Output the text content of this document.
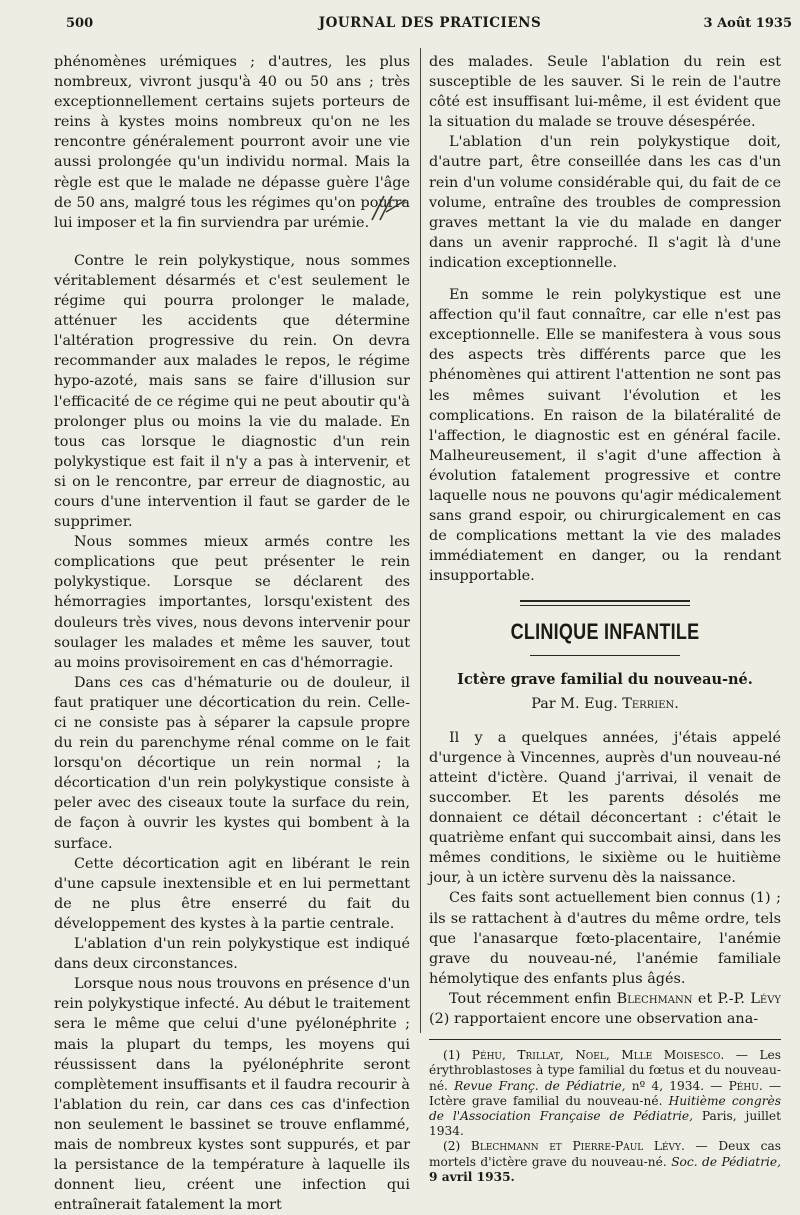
500	JOURNAL DES PRATICIENS	3 Août 1935

phénomènes urémiques ; d'autres, les plus nombreux, vivront jusqu'à 40 ou 50 ans ; très exceptionnellement certains sujets porteurs de reins à kystes moins nombreux qu'on ne les rencontre généralement pourront avoir une vie aussi prolongée qu'un individu normal. Mais la règle est que le malade ne dépasse guère l'âge de 50 ans, malgré tous les régimes qu'on pourra lui imposer et la fin surviendra par urémie.

Contre le rein polykystique, nous sommes véritablement désarmés et c'est seulement le régime qui pourra prolonger le malade, atténuer les accidents que détermine l'altération progressive du rein. On devra recommander aux malades le repos, le régime hypo-azoté, mais sans se faire d'illusion sur l'efficacité de ce régime qui ne peut aboutir qu'à prolonger plus ou moins la vie du malade. En tous cas lorsque le diagnostic d'un rein polykystique est fait il n'y a pas à intervenir, et si on le rencontre, par erreur de diagnostic, au cours d'une intervention il faut se garder de le supprimer.

Nous sommes mieux armés contre les complications que peut présenter le rein polykystique. Lorsque se déclarent des hémorragies importantes, lorsqu'existent des douleurs très vives, nous devons intervenir pour soulager les malades et même les sauver, tout au moins provisoirement en cas d'hémorragie.

Dans ces cas d'hématurie ou de douleur, il faut pratiquer une décortication du rein. Celle-ci ne consiste pas à séparer la capsule propre du rein du parenchyme rénal comme on le fait lorsqu'on décortique un rein normal ; la décortication d'un rein polykystique consiste à peler avec des ciseaux toute la surface du rein, de façon à ouvrir les kystes qui bombent à la surface.

Cette décortication agit en libérant le rein d'une capsule inextensible et en lui permettant de ne plus être enserré du fait du développement des kystes à la partie centrale.

L'ablation d'un rein polykystique est indiqué dans deux circonstances.

Lorsque nous nous trouvons en présence d'un rein polykystique infecté. Au début le traitement sera le même que celui d'une pyélonéphrite ; mais la plupart du temps, les moyens qui réussissent dans la pyélonéphrite seront complètement insuffisants et il faudra recourir à l'ablation du rein, car dans ces cas d'infection non seulement le bassinet se trouve enflammé, mais de nombreux kystes sont suppurés, et par la persistance de la température à laquelle ils donnent lieu, créent une infection qui entraînerait fatalement la mort

des malades. Seule l'ablation du rein est susceptible de les sauver. Si le rein de l'autre côté est insuffisant lui-même, il est évident que la situation du malade se trouve désespérée.

L'ablation d'un rein polykystique doit, d'autre part, être conseillée dans les cas d'un rein d'un volume considérable qui, du fait de ce volume, entraîne des troubles de compression graves mettant la vie du malade en danger dans un avenir rapproché. Il s'agit là d'une indication exceptionnelle.

En somme le rein polykystique est une affection qu'il faut connaître, car elle n'est pas exceptionnelle. Elle se manifestera à vous sous des aspects très différents parce que les phénomènes qui attirent l'attention ne sont pas les mêmes suivant l'évolution et les complications. En raison de la bilatéralité de l'affection, le diagnostic est en général facile. Malheureusement, il s'agit d'une affection à évolution fatalement progressive et contre laquelle nous ne pouvons qu'agir médicalement sans grand espoir, ou chirurgicalement en cas de complications mettant la vie des malades immédiatement en danger, ou la rendant insupportable.

CLINIQUE INFANTILE
Ictère grave familial du nouveau-né.
Par M. Eug. Terrien.

Il y a quelques années, j'étais appelé d'urgence à Vincennes, auprès d'un nouveau-né atteint d'ictère. Quand j'arrivai, il venait de succomber. Et les parents désolés me donnaient ce détail déconcertant : c'était le quatrième enfant qui succombait ainsi, dans les mêmes conditions, le sixième ou le huitième jour, à un ictère survenu dès la naissance.

Ces faits sont actuellement bien connus (1) ; ils se rattachent à d'autres du même ordre, tels que l'anasarque fœto-placentaire, l'anémie grave du nouveau-né, l'anémie familiale hémolytique des enfants plus âgés.

Tout récemment enfin Blechmann et P.-P. Lévy (2) rapportaient encore une observation ana-

(1) Péhu, Trillat, Noel, Mlle Moisesco. — Les érythroblastoses à type familial du fœtus et du nouveau-né. Revue Franç. de Pédiatrie, nº 4, 1934. — Péhu. — Ictère grave familial du nouveau-né. Huitième congrès de l'Association Française de Pédiatrie, Paris, juillet 1934.

(2) Blechmann et Pierre-Paul Lévy. — Deux cas mortels d'ictère grave du nouveau-né. Soc. de Pédiatrie, 9 avril 1935.
